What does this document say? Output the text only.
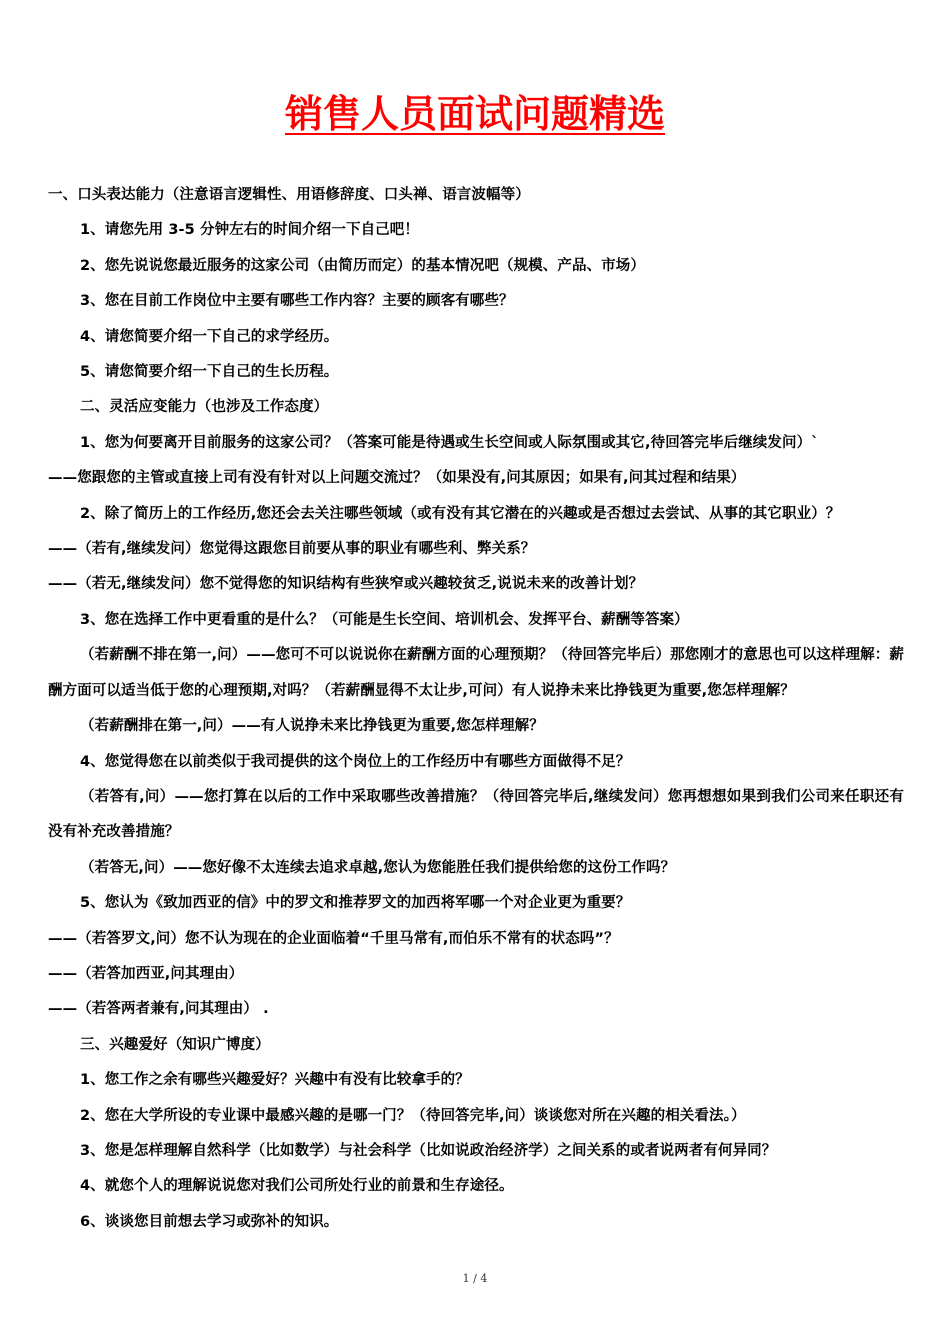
销售人员面试问题精选

一、口头表达能力（注意语言逻辑性、用语修辞度、口头禅、语言波幅等）

1、请您先用 3-5 分钟左右的时间介绍一下自己吧！

2、您先说说您最近服务的这家公司（由简历而定）的基本情况吧（规模、产品、市场）

3、您在目前工作岗位中主要有哪些工作内容？主要的顾客有哪些？

4、请您简要介绍一下自己的求学经历。

5、请您简要介绍一下自己的生长历程。

二、灵活应变能力（也涉及工作态度）

1、您为何要离开目前服务的这家公司？（答案可能是待遇或生长空间或人际氛围或其它,待回答完毕后继续发问）`

——您跟您的主管或直接上司有没有针对以上问题交流过？（如果没有,问其原因；如果有,问其过程和结果）

2、除了简历上的工作经历,您还会去关注哪些领域（或有没有其它潜在的兴趣或是否想过去尝试、从事的其它职业）？

——（若有,继续发问）您觉得这跟您目前要从事的职业有哪些利、弊关系？

——（若无,继续发问）您不觉得您的知识结构有些狭窄或兴趣较贫乏,说说未来的改善计划？

3、您在选择工作中更看重的是什么？（可能是生长空间、培训机会、发挥平台、薪酬等答案）

（若薪酬不排在第一,问）——您可不可以说说你在薪酬方面的心理预期？（待回答完毕后）那您刚才的意思也可以这样理解：薪酬方面可以适当低于您的心理预期,对吗？（若薪酬显得不太让步,可问）有人说挣未来比挣钱更为重要,您怎样理解？

（若薪酬排在第一,问）——有人说挣未来比挣钱更为重要,您怎样理解？

4、您觉得您在以前类似于我司提供的这个岗位上的工作经历中有哪些方面做得不足？

（若答有,问）——您打算在以后的工作中采取哪些改善措施？（待回答完毕后,继续发问）您再想想如果到我们公司来任职还有没有补充改善措施？

（若答无,问）——您好像不太连续去追求卓越,您认为您能胜任我们提供给您的这份工作吗？

5、您认为《致加西亚的信》中的罗文和推荐罗文的加西将军哪一个对企业更为重要？

——（若答罗文,问）您不认为现在的企业面临着“千里马常有,而伯乐不常有的状态吗”？

——（若答加西亚,问其理由）

——（若答两者兼有,问其理由） .

三、兴趣爱好（知识广博度）

1、您工作之余有哪些兴趣爱好？兴趣中有没有比较拿手的？

2、您在大学所设的专业课中最感兴趣的是哪一门？（待回答完毕,问）谈谈您对所在兴趣的相关看法。）

3、您是怎样理解自然科学（比如数学）与社会科学（比如说政治经济学）之间关系的或者说两者有何异同？

4、就您个人的理解说说您对我们公司所处行业的前景和生存途径。

6、谈谈您目前想去学习或弥补的知识。

1 / 4
